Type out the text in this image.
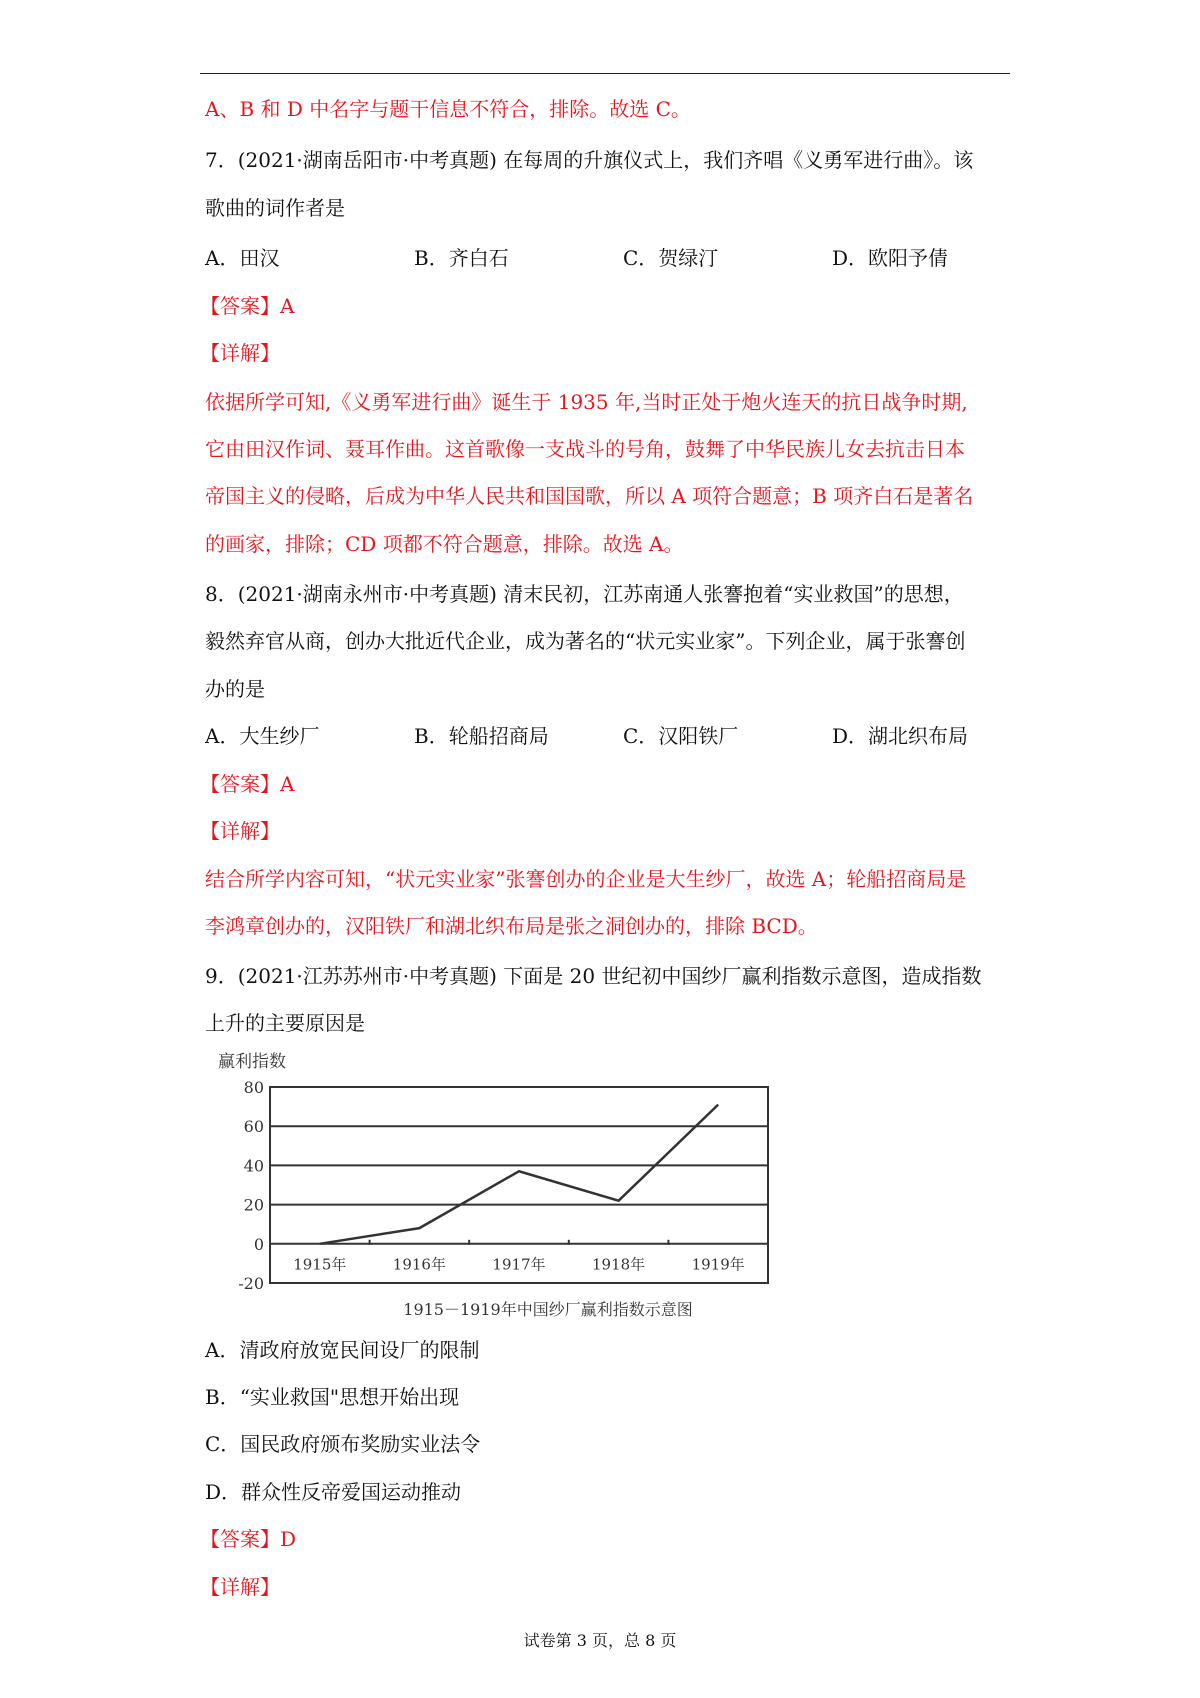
A、B 和 D 中名字与题干信息不符合，排除。故选 C。
7．(2021·湖南岳阳市·中考真题) 在每周的升旗仪式上，我们齐唱《义勇军进行曲》。该
歌曲的词作者是
A．田汉	B．齐白石	C．贺绿汀	D．欧阳予倩
【答案】A
【详解】
依据所学可知,《义勇军进行曲》诞生于 1935 年,当时正处于炮火连天的抗日战争时期,
它由田汉作词、聂耳作曲。这首歌像一支战斗的号角，鼓舞了中华民族儿女去抗击日本
帝国主义的侵略，后成为中华人民共和国国歌，所以 A 项符合题意；B 项齐白石是著名
的画家，排除；CD 项都不符合题意，排除。故选 A。
8．(2021·湖南永州市·中考真题) 清末民初，江苏南通人张謇抱着“实业救国”的思想，
毅然弃官从商，创办大批近代企业，成为著名的“状元实业家”。下列企业，属于张謇创
办的是
A．大生纱厂	B．轮船招商局	C．汉阳铁厂	D．湖北织布局
【答案】A
【详解】
结合所学内容可知，“状元实业家”张謇创办的企业是大生纱厂，故选 A；轮船招商局是
李鸿章创办的，汉阳铁厂和湖北织布局是张之洞创办的，排除 BCD。
9．(2021·江苏苏州市·中考真题) 下面是 20 世纪初中国纱厂赢利指数示意图，造成指数
上升的主要原因是
赢利指数
80
60
40
20
0
-20
1915年	1916年	1917年	1918年	1919年
1915－1919年中国纱厂赢利指数示意图
A．清政府放宽民间设厂的限制
B．“实业救国"思想开始出现
C．国民政府颁布奖励实业法令
D．群众性反帝爱国运动推动
【答案】D
【详解】
试卷第 3 页，总 8 页
